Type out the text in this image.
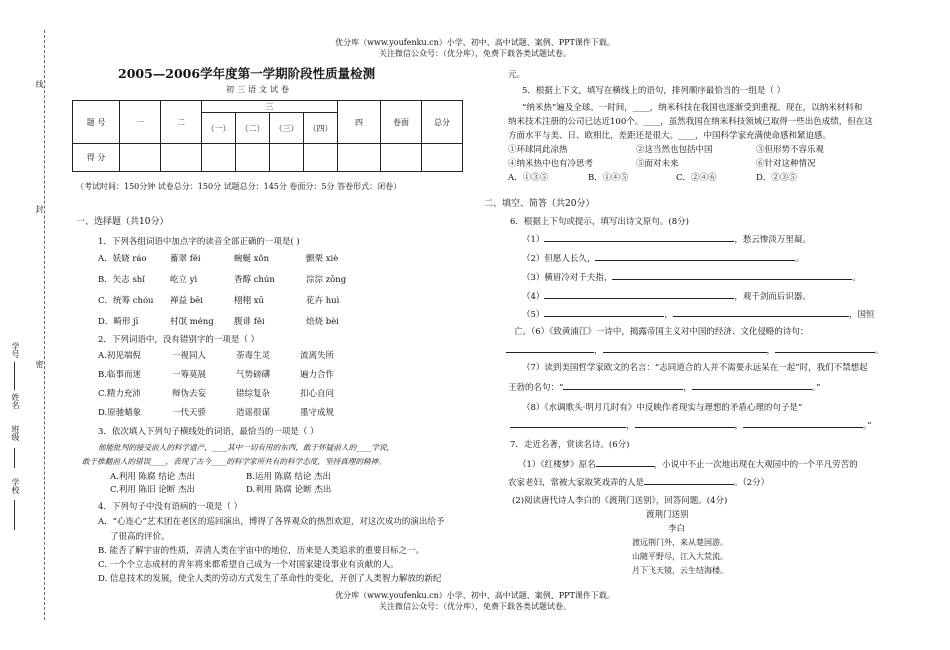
优分库（www.youfenku.cn）小学、初中、高中试题、案例、PPT课件下载。
关注微信公众号：（优分库），免费下载各类试题试卷。
优分库（www.youfenku.cn）小学、初中、高中试题、案例、PPT课件下载。
关注微信公众号：（优分库），免费下载各类试题试卷。
线
封
密
学校
班级
姓名
学号
2005—2006学年度第一学期阶段性质量检测
初三语文试卷
题 号	一	二	三				四	卷面	总分
			（一）	（二）	（三）	（四）			
得 分									
（考试时间：150分钟 试卷总分：150分 试题总分：145分 卷面分：5分 答卷形式：闭卷）
一、选择题（共10分）
1．下列各组词语中加点字的读音全部正确的一项是( )
A．妖娆 ráo	蓄翠 fěi	蜿蜒 xǒn	颤栗 xiè
B．矢志 shǐ	屹立 yì	香醇 chún	淙淙 zōng
C．统筹 chóu	禅益 bēi	栩栩 xū	花卉 huì
D．畸形 jī	村氓 méng	腹诽 fěi	焙烧 bèi
2．下列词语中，没有错别字的一项是（ ）
A.初见端倪	一视同人	荼毒生灵	流离失所
B.临事而迷	一筹莫展	气势磅礴	遍力合作
C.精力充沛	辩伪去妄	错综复杂	扣心自问
D.原驰蜡象	一代天骄	造谣很谋	墨守成规
3．依次填入下列句子横线处的词语，最恰当的一项是（ ）
他能批判的接受前人的科学遗产，____其中一切有用的东西，敢于怀疑前人的____学说，
敢于推翻前人的错误____，表现了古今____的科学家所共有的科学态度，坚持真理的精神。
A.利用 陈腐 结论 杰出	B.运用 陈腐 结论 杰出
C.利用 陈旧 论断 杰出	D.利用 陈腐 论断 杰出
4．下列句子中没有语病的一项是（ ）
A．“心连心”艺术团在老区的巡回演出，博得了各界观众的热烈欢迎，对这次成功的演出给予
了很高的评价。
B. 能否了解宇宙的性质，弄清人类在宇宙中的地位，历来是人类追求的重要目标之一。
C. 一个个立志成材的青年将来都希望自己成为一个对国家建设事业有贡献的人。
D. 信息技术的发展，使全人类的劳动方式发生了革命性的变化，开创了人类智力解放的新纪
元。
5．根据上下文，填写在横线上的语句，排列顺序最恰当的一组是（ ）
“纳米热”遍及全球。一时间，____，纳米科技在我国也逐渐受到重视。现在，以纳米材料和
纳米技术注册的公司已达近100个。____，虽然我国在纳米科技领域已取得一些出色成绩，但在这
方面水平与美、日、欧相比，差距还是很大。____，中国科学家充满使命感和紧迫感。
①环球同此凉热	②这当然也包括中国	③但形势不容乐观
④纳米热中也有冷思考	⑤面对未来	⑥针对这种情况
A．①③⑤	B．①④⑤	C．②④⑥	D．②③⑤
二、填空、简答（共20分）
6．根据上下句或提示，填写出诗文原句。(8分)
（1）	，愁云惨淡万里凝。
（2）但愿人长久，	。
（3）横眉冷对千夫指，	。
（4）	，观千剑而后识器。
（5）	，	，国恒
亡。（6）《致黄浦江》一诗中，揭露帝国主义对中国的经济、文化侵略的诗句：
，	，	。
（7）读到美国哲学家欧文的名言：“志同道合的人并不需要永远呆在一起”时，我们不禁想起
王勃的名句：“	，	。”
（8）《水调歌头·明月几时有》中反映作者现实与理想的矛盾心理的句子是“
，	，	。”
7．走近名著，赏读名诗。(6分)
（1）《红楼梦》原名	，小说中不止一次地出现在大观园中的一个平凡劳苦的
农家老妇，常被大家取笑戏弄的人是	。（2分）
(2)阅读唐代诗人李白的《渡荆门送别》，回答问题。(4分)
渡荆门送别
李白
渡远荆门外，来从楚国游。
山随平野尽，江入大荒流。
月下飞天镜，云生结海楼。
